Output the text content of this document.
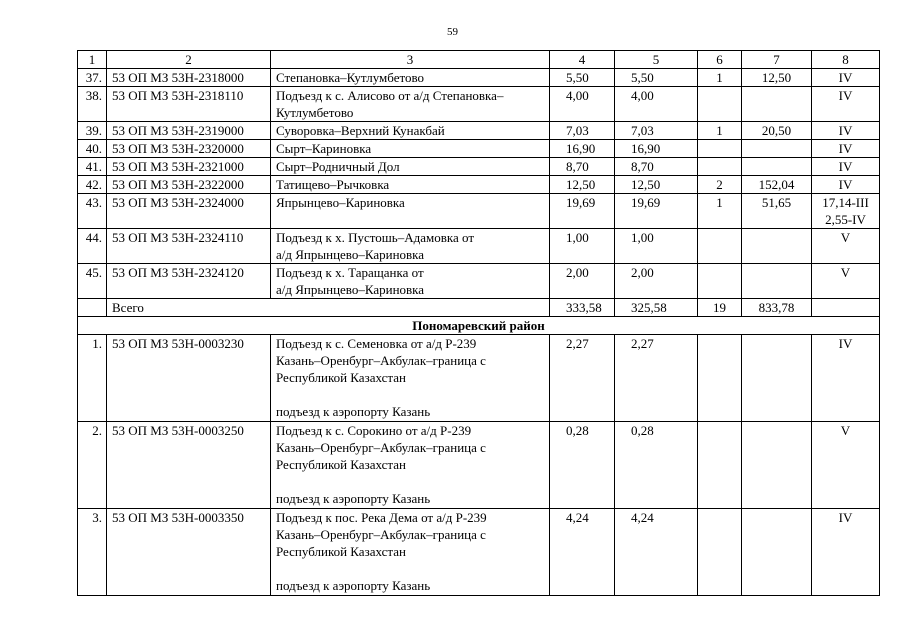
59
1	2	3	4	5	6	7	8
37.	53 ОП МЗ 53Н-2318000	Степановка–Кутлумбетово	5,50	5,50	1	12,50	IV
38.	53 ОП МЗ 53Н-2318110	Подъезд к с. Алисово от а/д Степановка–
Кутлумбетово	4,00	4,00			IV
39.	53 ОП МЗ 53Н-2319000	Суворовка–Верхний Кунакбай	7,03	7,03	1	20,50	IV
40.	53 ОП МЗ 53Н-2320000	Сырт–Кариновка	16,90	16,90			IV
41.	53 ОП МЗ 53Н-2321000	Сырт–Родничный Дол	8,70	8,70			IV
42.	53 ОП МЗ 53Н-2322000	Татищево–Рычковка	12,50	12,50	2	152,04	IV
43.	53 ОП МЗ 53Н-2324000	Япрынцево–Кариновка	19,69	19,69	1	51,65	17,14-III
2,55-IV
44.	53 ОП МЗ 53Н-2324110	Подъезд к х. Пустошь–Адамовка от
а/д Япрынцево–Кариновка	1,00	1,00			V
45.	53 ОП МЗ 53Н-2324120	Подъезд к х. Таращанка от
а/д Япрынцево–Кариновка	2,00	2,00			V
	Всего		333,58	325,58	19	833,78	
Пономаревский район							
1.	53 ОП МЗ 53Н-0003230	Подъезд к с. Семеновка от а/д Р-239
Казань–Оренбург–Акбулак–граница с
Республикой Казахстан

подъезд к аэропорту Казань	2,27	2,27			IV
2.	53 ОП МЗ 53Н-0003250	Подъезд к с. Сорокино от а/д Р-239
Казань–Оренбург–Акбулак–граница с
Республикой Казахстан

подъезд к аэропорту Казань	0,28	0,28			V
3.	53 ОП МЗ 53Н-0003350	Подъезд к пос. Река Дема от а/д Р-239
Казань–Оренбург–Акбулак–граница с
Республикой Казахстан

подъезд к аэропорту Казань	4,24	4,24			IV
